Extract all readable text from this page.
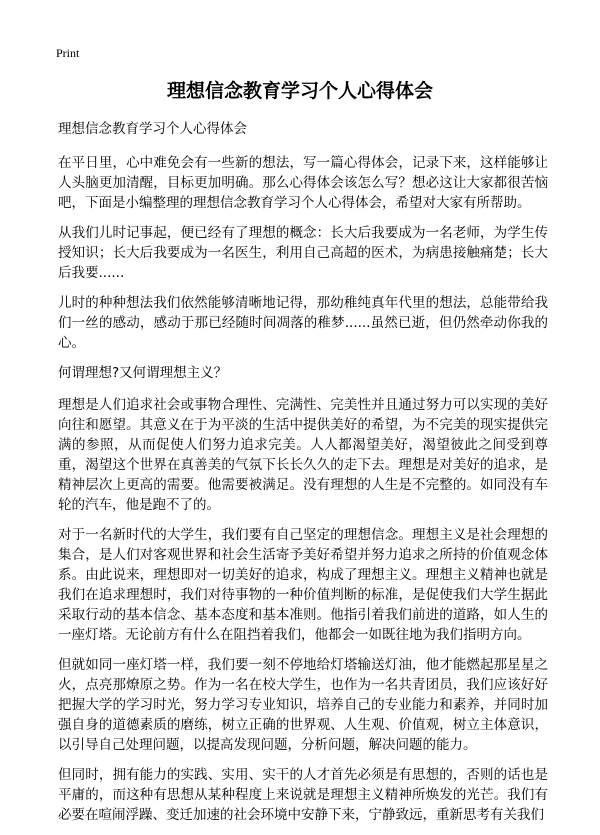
Print
理想信念教育学习个人心得体会

理想信念教育学习个人心得体会

在平日里，心中难免会有一些新的想法，写一篇心得体会，记录下来，这样能够让人头脑更加清醒，目标更加明确。那么心得体会该怎么写？想必这让大家都很苦恼吧，下面是小编整理的理想信念教育学习个人心得体会，希望对大家有所帮助。

从我们儿时记事起，便已经有了理想的概念：长大后我要成为一名老师，为学生传授知识；长大后我要成为一名医生，利用自己高超的医术，为病患接触痛楚；长大后我要......

儿时的种种想法我们依然能够清晰地记得，那幼稚纯真年代里的想法，总能带给我们一丝的感动，感动于那已经随时间凋落的稚梦......虽然已逝，但仍然牵动你我的心。

何谓理想?又何谓理想主义？

理想是人们追求社会或事物合理性、完满性、完美性并且通过努力可以实现的美好向往和愿望。其意义在于为平淡的生活中提供美好的希望，为不完美的现实提供完满的参照，从而促使人们努力追求完美。人人都渴望美好，渴望彼此之间受到尊重，渴望这个世界在真善美的气氛下长长久久的走下去。理想是对美好的追求，是精神层次上更高的需要。他需要被满足。没有理想的人生是不完整的。如同没有车轮的汽车，他是跑不了的。

对于一名新时代的大学生，我们要有自己坚定的理想信念。理想主义是社会理想的集合，是人们对客观世界和社会生活寄予美好希望并努力追求之所持的价值观念体系。由此说来，理想即对一切美好的追求，构成了理想主义。理想主义精神也就是我们在追求理想时，我们对待事物的一种价值判断的标准，是促使我们大学生据此采取行动的基本信念、基本态度和基本准则。他指引着我们前进的道路，如人生的一座灯塔。无论前方有什么在阻挡着我们，他都会一如既往地为我们指明方向。

但就如同一座灯塔一样，我们要一刻不停地给灯塔输送灯油，他才能燃起那星星之火，点亮那燎原之势。作为一名在校大学生，也作为一名共青团员，我们应该好好把握大学的学习时光，努力学习专业知识，培养自己的专业能力和素养，并同时加强自身的道德素质的磨练，树立正确的世界观、人生观、价值观，树立主体意识，以引导自己处理问题，以提高发现问题，分析问题，解决问题的能力。

但同时，拥有能力的实践、实用、实干的人才首先必须是有思想的，否则的话也是平庸的，而这种有思想从某种程度上来说就是理想主义精神所焕发的光芒。我们有必要在喧闹浮躁、变迁加速的社会环境中安静下来，宁静致远，重新思考有关我们
